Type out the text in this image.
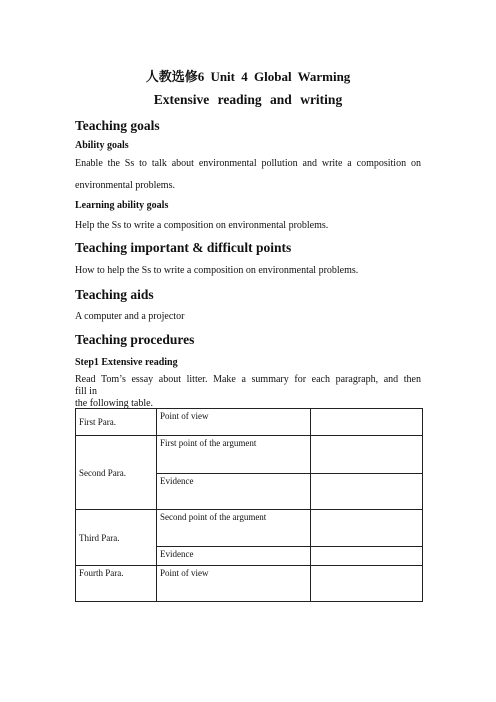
人教选修6 Unit 4 Global Warming
Extensive reading and writing
Teaching goals
Ability goals
Enable the Ss to talk about environmental pollution and write a composition on
environmental problems.
Learning ability goals
Help the Ss to write a composition on environmental problems.
Teaching important & difficult points
How to help the Ss to write a composition on environmental problems.
Teaching aids
A computer and a projector
Teaching procedures
Step1 Extensive reading
Read Tom’s essay about litter. Make a summary for each paragraph, and then
fill in
the following table.
First Para.	Point of view	
Second Para.	First point of the argument	
	Evidence	
Third Para.	Second point of the argument	
	Evidence	
Fourth Para.	Point of view	
